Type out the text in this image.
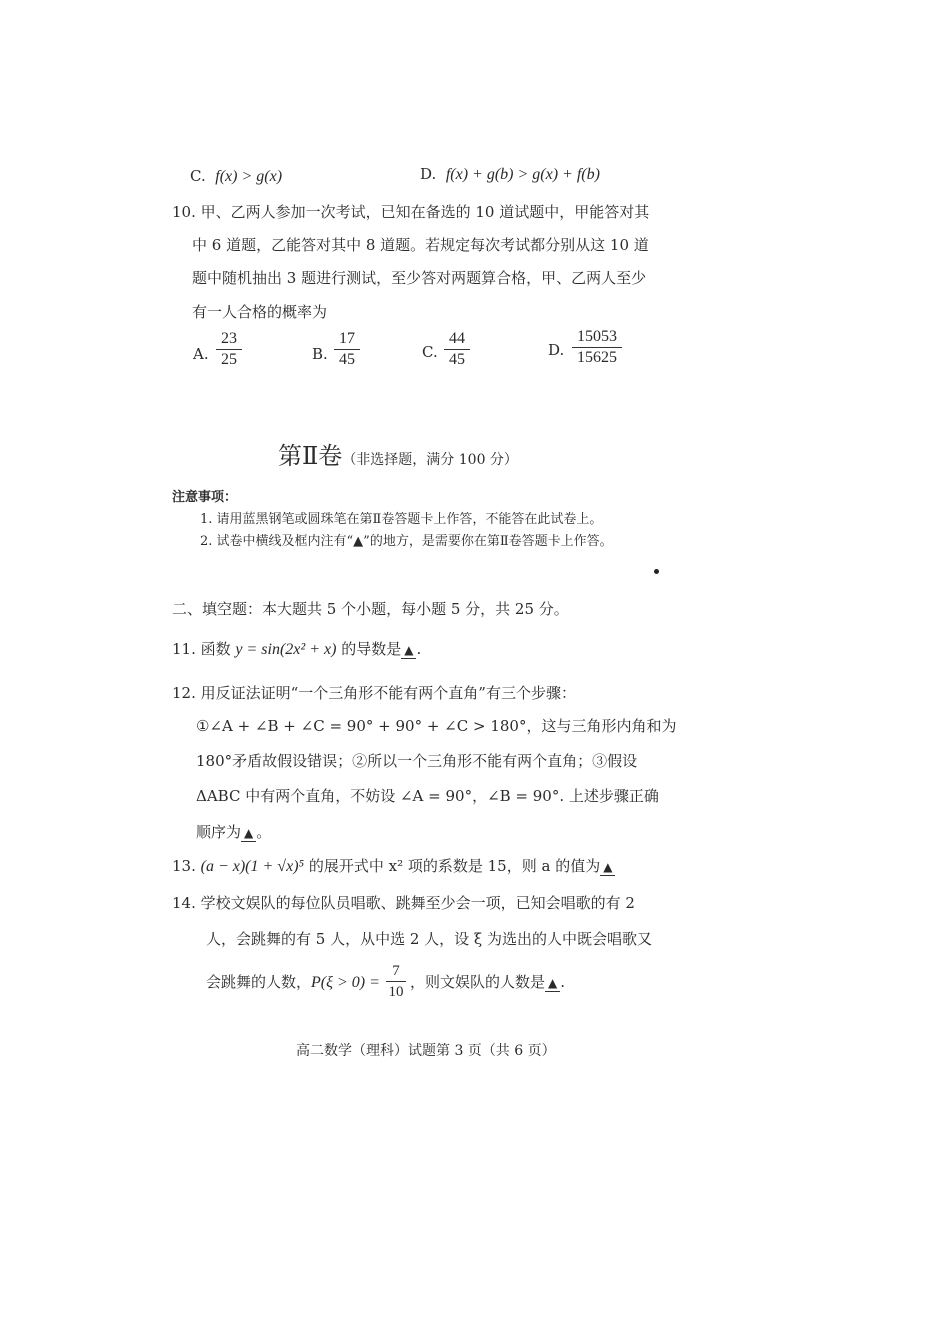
C. f(x) > g(x)	D. f(x) + g(b) > g(x) + f(b)
10. 甲、乙两人参加一次考试，已知在备选的 10 道试题中，甲能答对其
中 6 道题，乙能答对其中 8 道题。若规定每次考试都分别从这 10 道
题中随机抽出 3 题进行测试，至少答对两题算合格，甲、乙两人至少
有一人合格的概率为
A.
23
25	B.
17
45	C.
44
45
D.
15053
15625
第Ⅱ卷（非选择题，满分 100 分）
注意事项：
1. 请用蓝黑钢笔或圆珠笔在第Ⅱ卷答题卡上作答，不能答在此试卷上。
2. 试卷中横线及框内注有“▲”的地方，是需要你在第Ⅱ卷答题卡上作答。
二、填空题：本大题共 5 个小题，每小题 5 分，共 25 分。
11. 函数 y = sin(2x² + x) 的导数是 ▲ .
12. 用反证法证明“一个三角形不能有两个直角”有三个步骤：
①∠A + ∠B + ∠C = 90° + 90° + ∠C > 180°，这与三角形内角和为
180°矛盾故假设错误；②所以一个三角形不能有两个直角；③假设
ΔABC 中有两个直角，不妨设 ∠A = 90°，∠B = 90°. 上述步骤正确
顺序为 ▲ 。
13. (a − x)(1 + √x)⁵ 的展开式中 x² 项的系数是 15，则 a 的值为 ▲
14. 学校文娱队的每位队员唱歌、跳舞至少会一项，已知会唱歌的有 2
人，会跳舞的有 5 人，从中选 2 人，设 ξ 为选出的人中既会唱歌又
会跳舞的人数，P(ξ > 0) =
7
10
，则文娱队的人数是 ▲ .
高二数学（理科）试题第 3 页（共 6 页）
